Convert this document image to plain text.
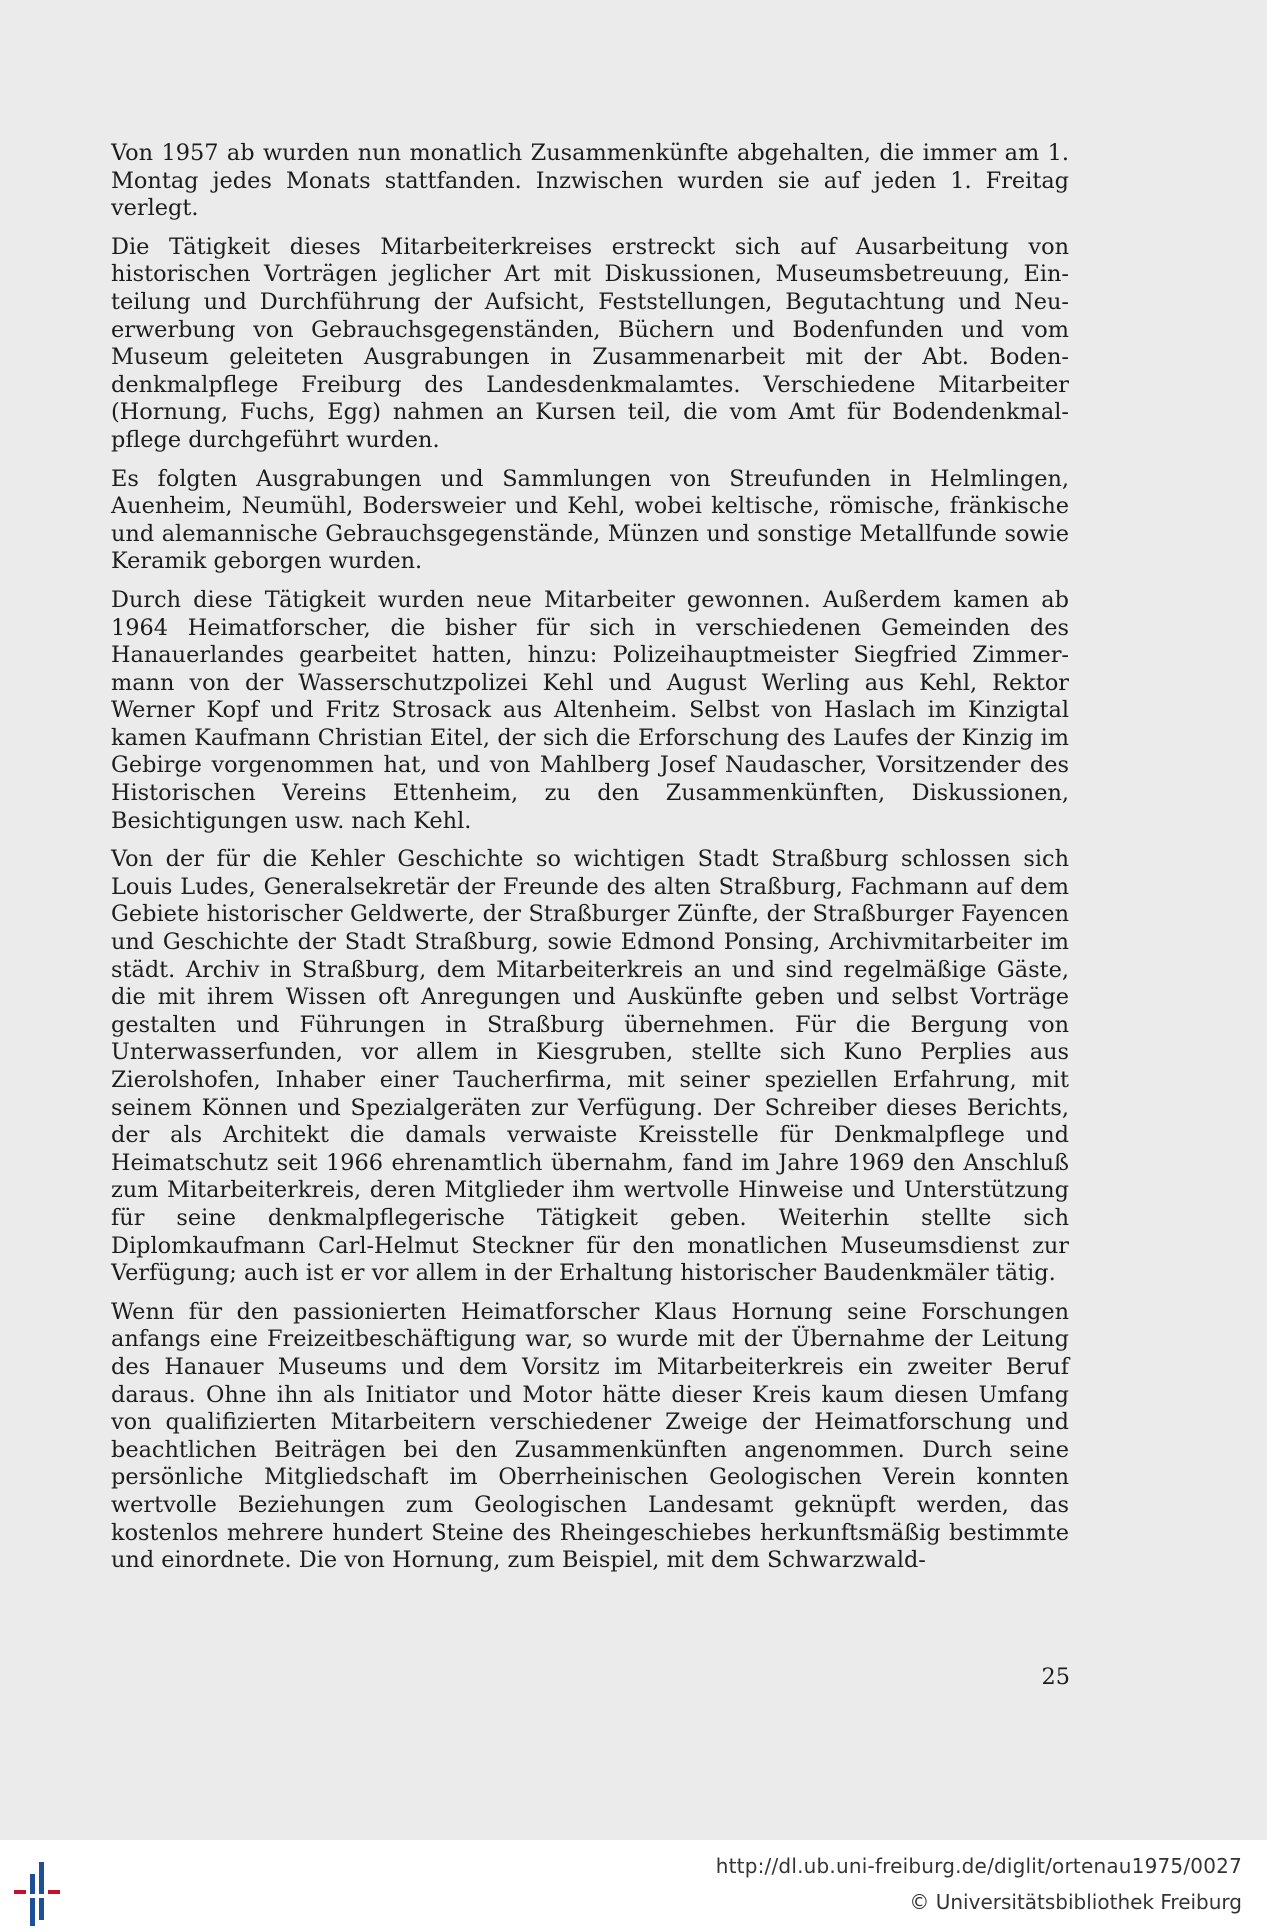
Von 1957 ab wurden nun monatlich Zusammenkünfte abgehalten, die immer am 1. Montag jedes Monats stattfanden. Inzwischen wurden sie auf jeden 1. Freitag verlegt.

Die Tätigkeit dieses Mitarbeiterkreises erstreckt sich auf Ausarbeitung von historischen Vorträgen jeglicher Art mit Diskussionen, Museumsbetreuung, Einteilung und Durchführung der Aufsicht, Feststellungen, Begutachtung und Neuerwerbung von Gebrauchsgegenständen, Büchern und Bodenfunden und vom Museum geleiteten Ausgrabungen in Zusammenarbeit mit der Abt. Bodendenkmalpflege Freiburg des Landesdenkmalamtes. Verschiedene Mitarbeiter (Hornung, Fuchs, Egg) nahmen an Kursen teil, die vom Amt für Bodendenkmalpflege durchgeführt wurden.

Es folgten Ausgrabungen und Sammlungen von Streufunden in Helmlingen, Auenheim, Neumühl, Bodersweier und Kehl, wobei keltische, römische, fränkische und alemannische Gebrauchsgegenstände, Münzen und sonstige Metallfunde sowie Keramik geborgen wurden.

Durch diese Tätigkeit wurden neue Mitarbeiter gewonnen. Außerdem kamen ab 1964 Heimatforscher, die bisher für sich in verschiedenen Gemeinden des Hanauerlandes gearbeitet hatten, hinzu: Polizeihauptmeister Siegfried Zimmermann von der Wasserschutzpolizei Kehl und August Werling aus Kehl, Rektor Werner Kopf und Fritz Strosack aus Altenheim. Selbst von Haslach im Kinzigtal kamen Kaufmann Christian Eitel, der sich die Erforschung des Laufes der Kinzig im Gebirge vorgenommen hat, und von Mahlberg Josef Naudascher, Vorsitzender des Historischen Vereins Ettenheim, zu den Zusammenkünften, Diskussionen, Besichtigungen usw. nach Kehl.

Von der für die Kehler Geschichte so wichtigen Stadt Straßburg schlossen sich Louis Ludes, Generalsekretär der Freunde des alten Straßburg, Fachmann auf dem Gebiete historischer Geldwerte, der Straßburger Zünfte, der Straßburger Fayencen und Geschichte der Stadt Straßburg, sowie Edmond Ponsing, Archivmitarbeiter im städt. Archiv in Straßburg, dem Mitarbeiterkreis an und sind regelmäßige Gäste, die mit ihrem Wissen oft Anregungen und Auskünfte geben und selbst Vorträge gestalten und Führungen in Straßburg übernehmen. Für die Bergung von Unterwasserfunden, vor allem in Kiesgruben, stellte sich Kuno Perplies aus Zierolshofen, Inhaber einer Taucherfirma, mit seiner speziellen Erfahrung, mit seinem Können und Spezialgeräten zur Verfügung. Der Schreiber dieses Berichts, der als Architekt die damals verwaiste Kreisstelle für Denkmalpflege und Heimatschutz seit 1966 ehrenamtlich übernahm, fand im Jahre 1969 den Anschluß zum Mitarbeiterkreis, deren Mitglieder ihm wertvolle Hinweise und Unterstützung für seine denkmalpflegerische Tätigkeit geben. Weiterhin stellte sich Diplomkaufmann Carl-Helmut Steckner für den monatlichen Museumsdienst zur Verfügung; auch ist er vor allem in der Erhaltung historischer Baudenkmäler tätig.

Wenn für den passionierten Heimatforscher Klaus Hornung seine Forschungen anfangs eine Freizeitbeschäftigung war, so wurde mit der Übernahme der Leitung des Hanauer Museums und dem Vorsitz im Mitarbeiterkreis ein zweiter Beruf daraus. Ohne ihn als Initiator und Motor hätte dieser Kreis kaum diesen Umfang von qualifizierten Mitarbeitern verschiedener Zweige der Heimatforschung und beachtlichen Beiträgen bei den Zusammenkünften angenommen. Durch seine persönliche Mitgliedschaft im Oberrheinischen Geologischen Verein konnten wertvolle Beziehungen zum Geologischen Landesamt geknüpft werden, das kostenlos mehrere hundert Steine des Rheingeschiebes herkunftsmäßig bestimmte und einordnete. Die von Hornung, zum Beispiel, mit dem Schwarzwald-

25
http://dl.ub.uni-freiburg.de/diglit/ortenau1975/0027
© Universitätsbibliothek Freiburg
